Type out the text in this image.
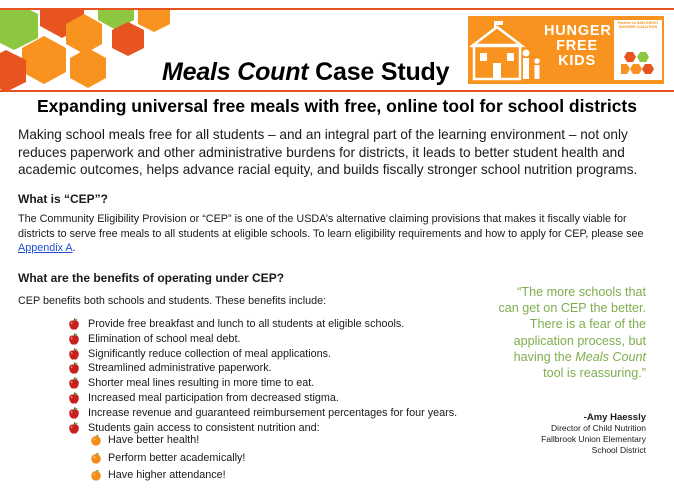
Meals Count Case Study
HUNGER
FREE
KIDS
Partner to SAN DIEGO HUNGER COALITION
Expanding universal free meals with free, online tool for school districts
Making school meals free for all students – and an integral part of the learning environment – not only reduces paperwork and other administrative burdens for districts, it leads to better student health and academic outcomes, helps advance racial equity, and builds fiscally stronger school nutrition programs.
What is “CEP”?
The Community Eligibility Provision or “CEP” is one of the USDA’s alternative claiming provisions that makes it fiscally viable for districts to serve free meals to all students at eligible schools. To learn eligibility requirements and how to apply for CEP, please see Appendix A.
What are the benefits of operating under CEP?
CEP benefits both schools and students. These benefits include:
Provide free breakfast and lunch to all students at eligible schools.
Elimination of school meal debt.
Significantly reduce collection of meal applications.
Streamlined administrative paperwork.
Shorter meal lines resulting in more time to eat.
Increased meal participation from decreased stigma.
Increase revenue and guaranteed reimbursement percentages for four years.
Students gain access to consistent nutrition and:
Have better health!
Perform better academically!
Have higher attendance!
“The more schools that can get on CEP the better. There is a fear of the application process, but having the Meals Count tool is reassuring.”
-Amy Haessly
Director of Child Nutrition
Fallbrook Union Elementary
School District
